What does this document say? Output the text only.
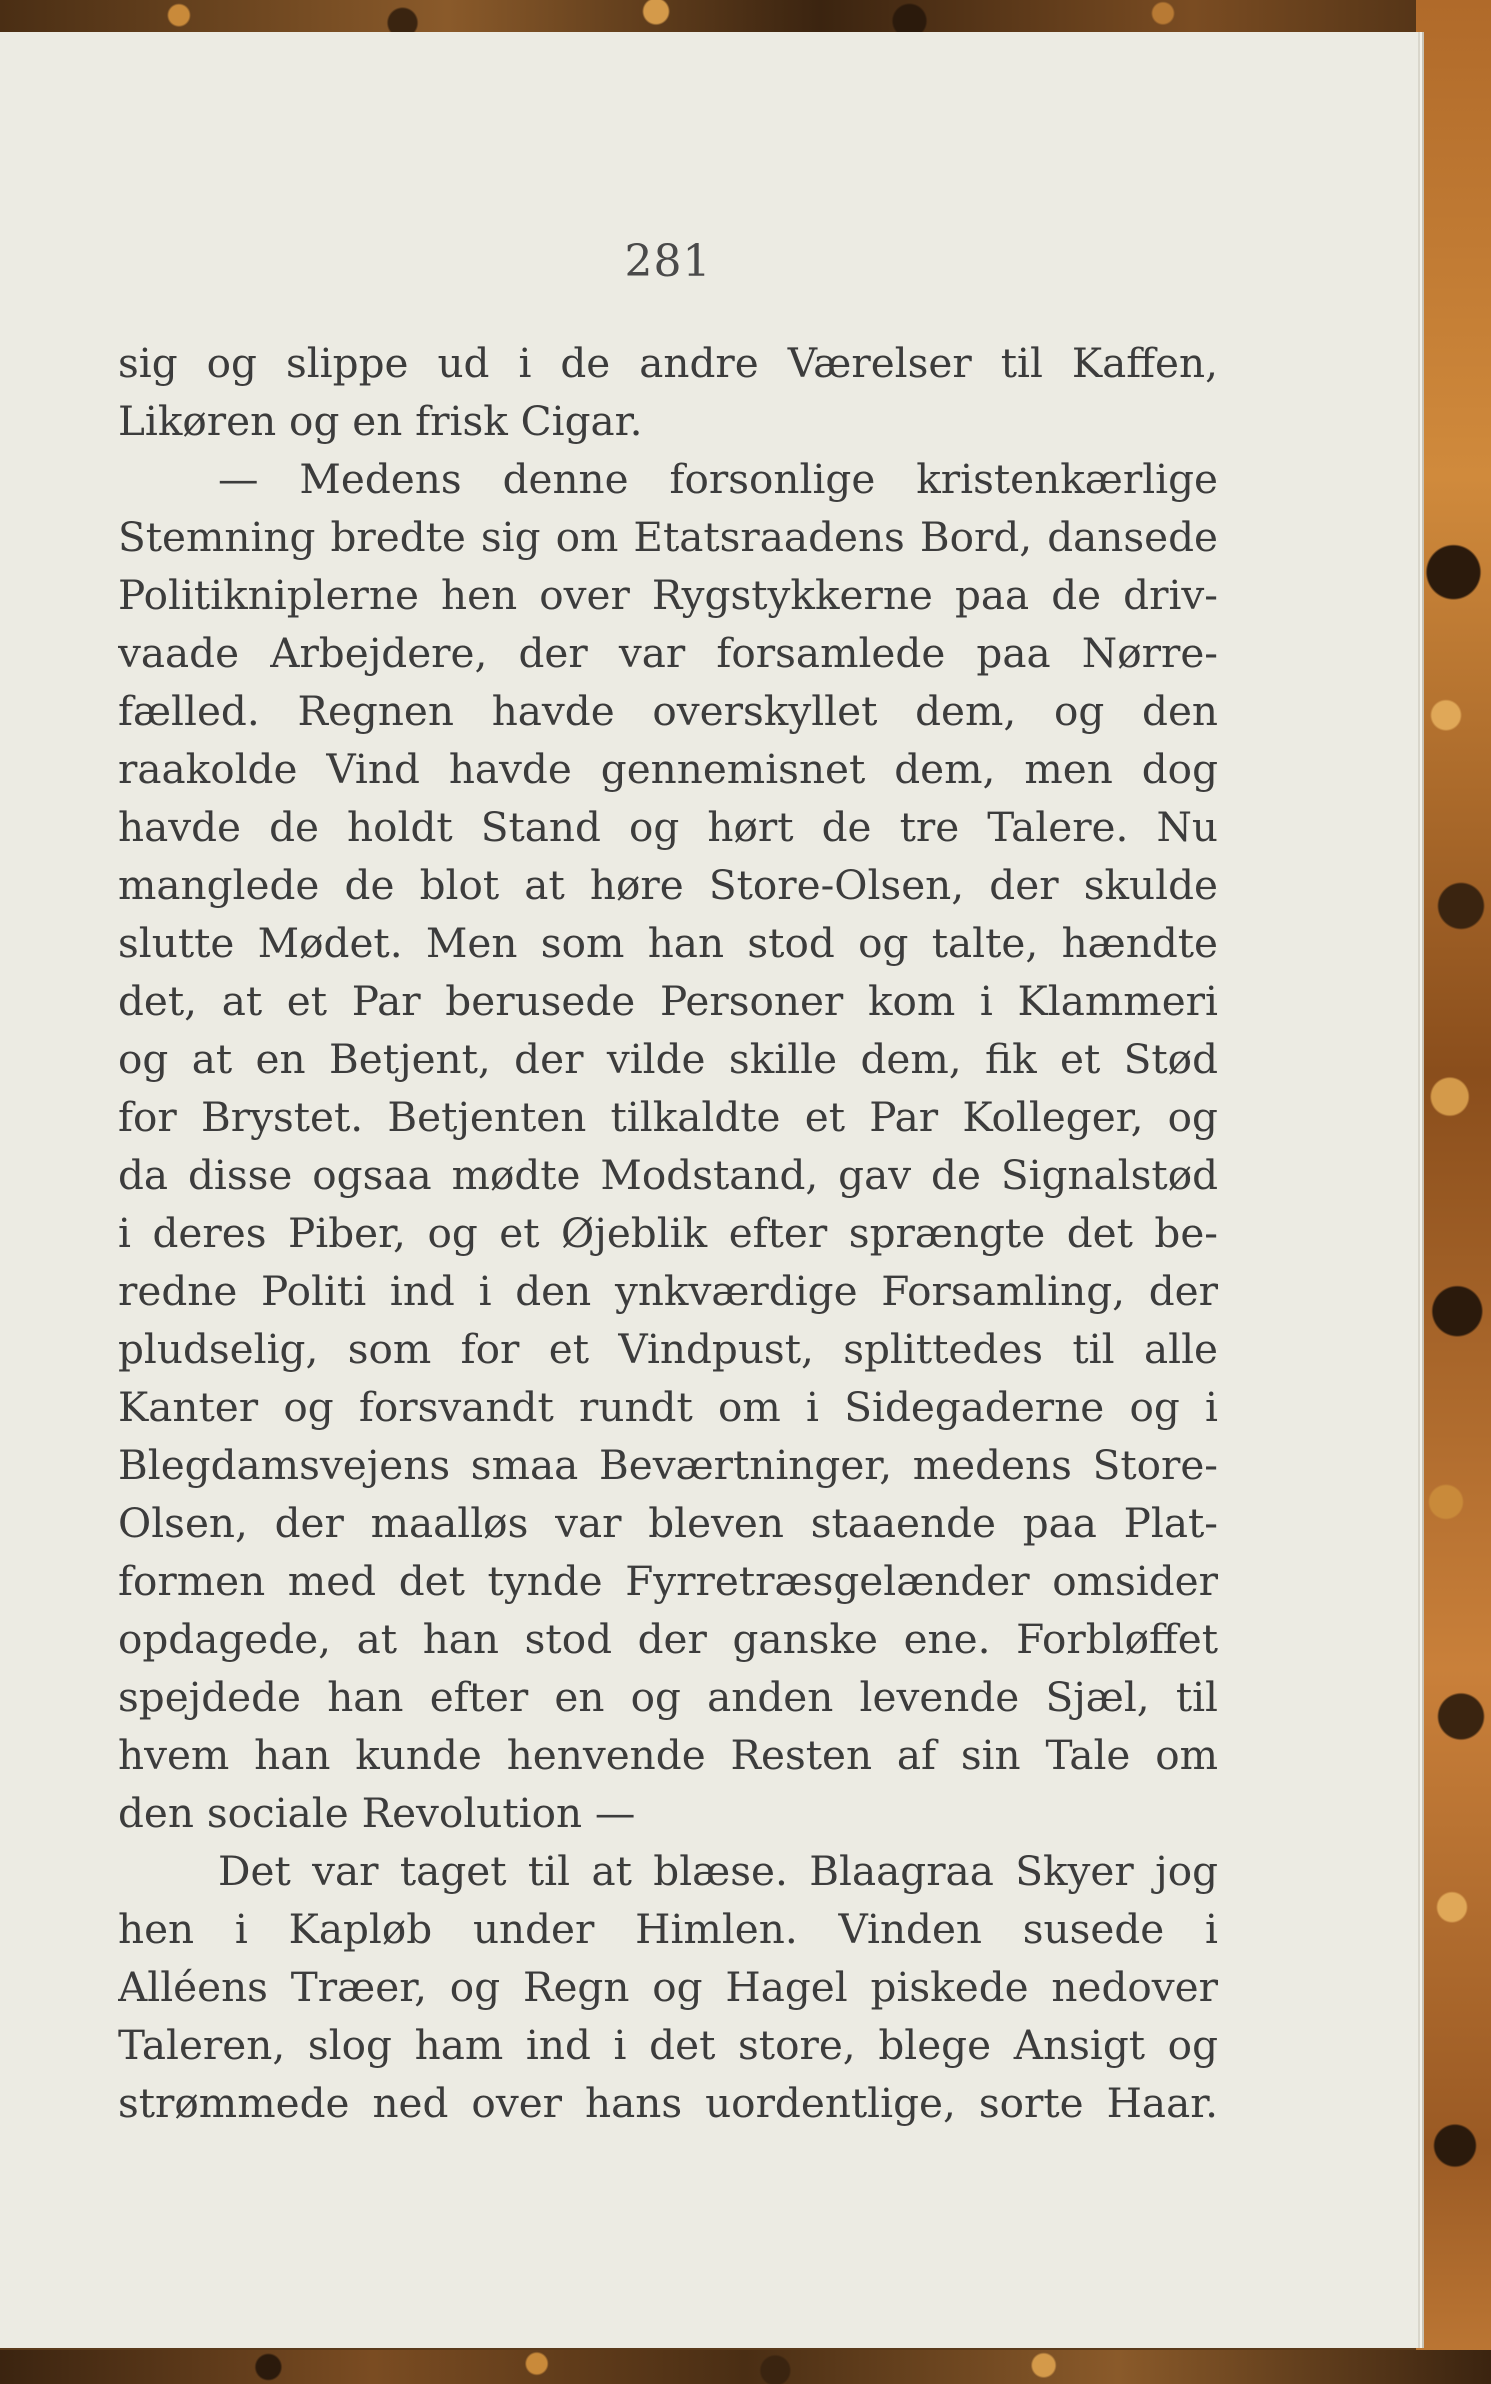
281
sig og slippe ud i de andre Værelser til Kaffen,
Likøren og en frisk Cigar.
— Medens denne forsonlige kristenkærlige
Stemning bredte sig om Etatsraadens Bord, dansede
Politikniplerne hen over Rygstykkerne paa de driv-
vaade Arbejdere, der var forsamlede paa Nørre-
fælled. Regnen havde overskyllet dem, og den
raakolde Vind havde gennemisnet dem, men dog
havde de holdt Stand og hørt de tre Talere. Nu
manglede de blot at høre Store-Olsen, der skulde
slutte Mødet. Men som han stod og talte, hændte
det, at et Par berusede Personer kom i Klammeri
og at en Betjent, der vilde skille dem, fik et Stød
for Brystet. Betjenten tilkaldte et Par Kolleger, og
da disse ogsaa mødte Modstand, gav de Signalstød
i deres Piber, og et Øjeblik efter sprængte det be-
redne Politi ind i den ynkværdige Forsamling, der
pludselig, som for et Vindpust, splittedes til alle
Kanter og forsvandt rundt om i Sidegaderne og i
Blegdamsvejens smaa Beværtninger, medens Store-
Olsen, der maalløs var bleven staaende paa Plat-
formen med det tynde Fyrretræsgelænder omsider
opdagede, at han stod der ganske ene. Forbløffet
spejdede han efter en og anden levende Sjæl, til
hvem han kunde henvende Resten af sin Tale om
den sociale Revolution —
Det var taget til at blæse. Blaagraa Skyer jog
hen i Kapløb under Himlen. Vinden susede i
Alléens Træer, og Regn og Hagel piskede nedover
Taleren, slog ham ind i det store, blege Ansigt og
strømmede ned over hans uordentlige, sorte Haar.
